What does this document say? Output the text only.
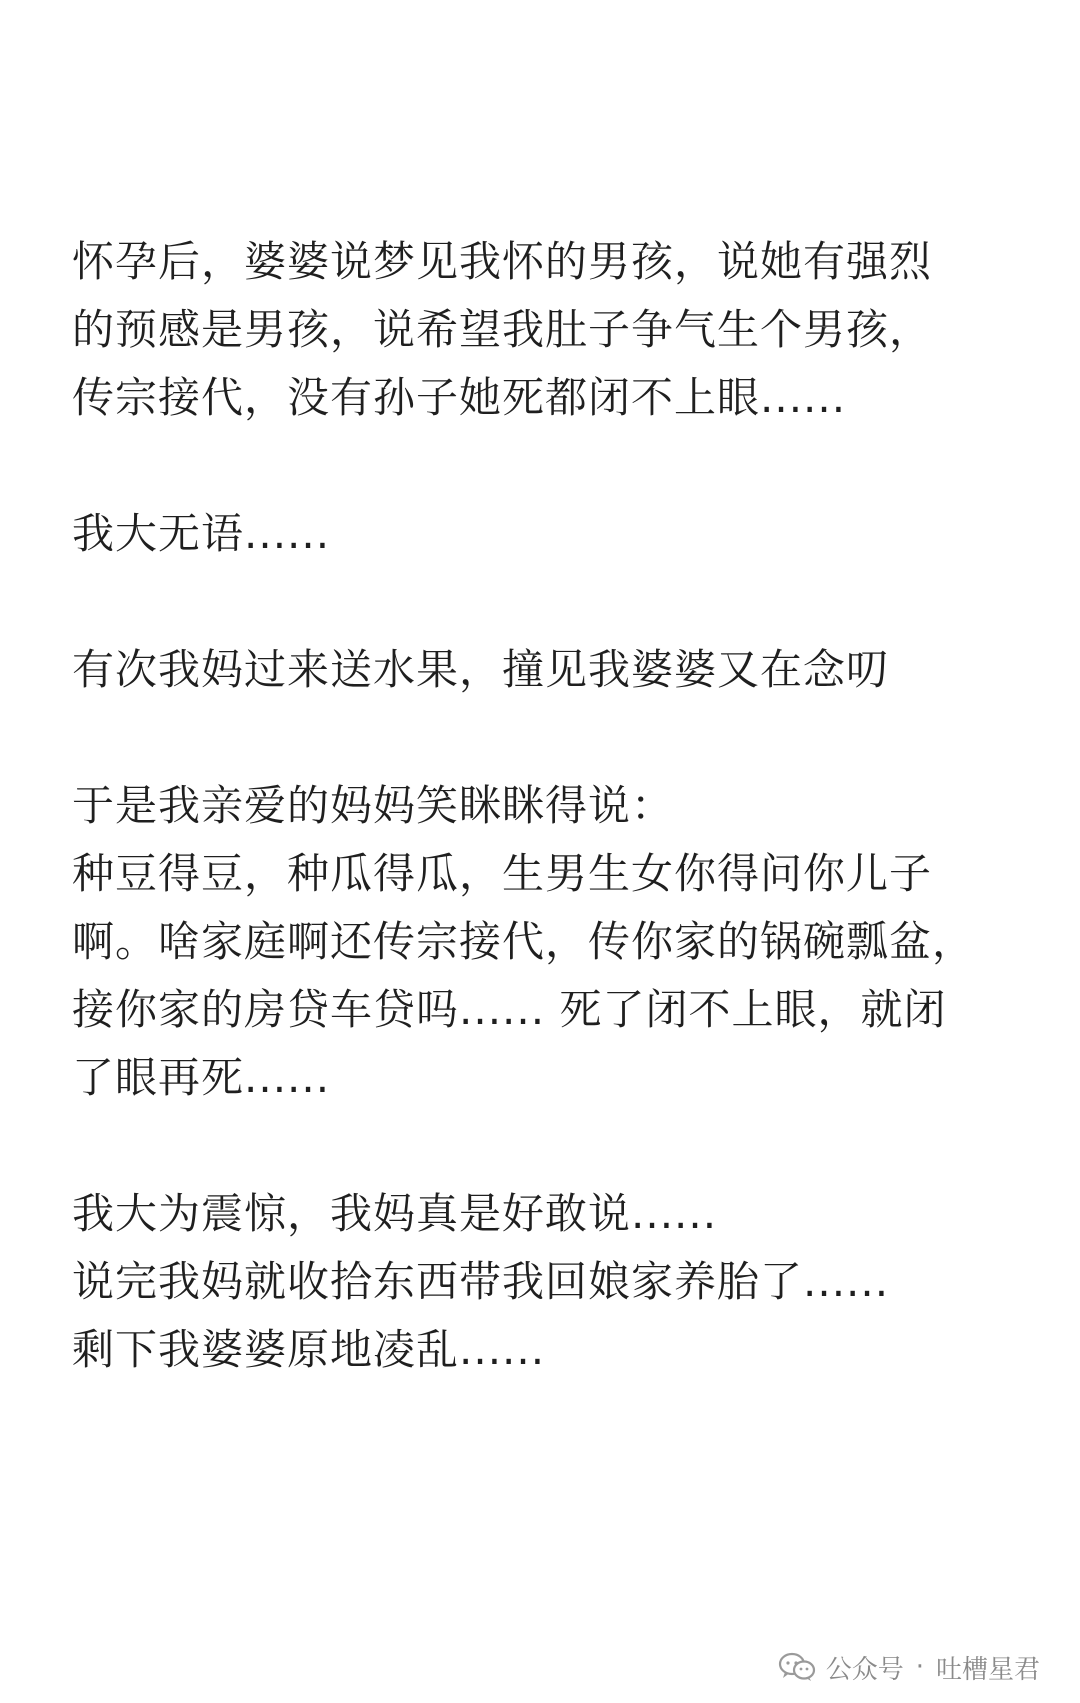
怀孕后，婆婆说梦见我怀的男孩，说她有强烈
的预感是男孩，说希望我肚子争气生个男孩，
传宗接代，没有孙子她死都闭不上眼......
我大无语......
有次我妈过来送水果，撞见我婆婆又在念叨
于是我亲爱的妈妈笑眯眯得说：
种豆得豆，种瓜得瓜，生男生女你得问你儿子
啊。啥家庭啊还传宗接代，传你家的锅碗瓢盆，
接你家的房贷车贷吗...... 死了闭不上眼，就闭
了眼再死......
我大为震惊，我妈真是好敢说......
说完我妈就收拾东西带我回娘家养胎了......
剩下我婆婆原地凌乱......
公众号 · 吐槽星君
